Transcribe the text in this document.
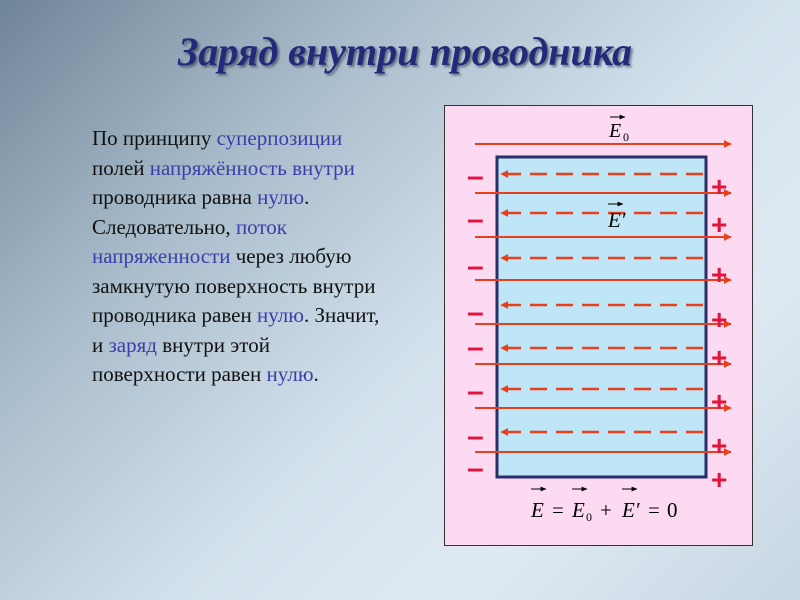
Заряд внутри проводника

По принципу суперпозиции полей напряжённость внутри проводника равна нулю.

Следовательно, поток напряженности через любую замкнутую поверхность внутри проводника равен нулю. Значит, и заряд внутри этой поверхности равен нулю.

–
–
–
–
–
–
–
–
+
+
+
+
+
+
+
+
E 0
E′
E = E 0 + E′ = 0
